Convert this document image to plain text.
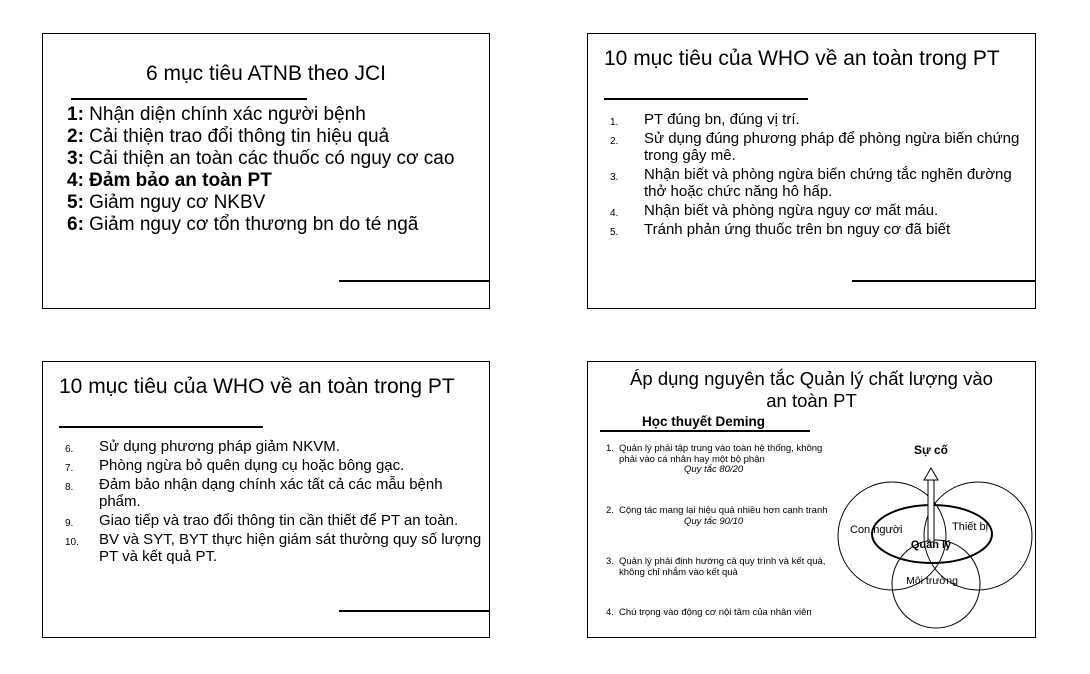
6 mục tiêu ATNB theo JCI
1: Nhận diện chính xác người bệnh
2: Cải thiện trao đổi thông tin hiệu quả
3: Cải thiện an toàn các thuốc có nguy cơ cao
4: Đảm bảo an toàn PT
5: Giảm nguy cơ NKBV
6: Giảm nguy cơ tổn thương bn do té ngã
10 mục tiêu của WHO về an toàn trong PT
1. PT đúng bn, đúng vị trí.
2. Sử dụng đúng phương pháp để phòng ngừa biến chứng trong gây mê.
3. Nhận biết và phòng ngừa biến chứng tắc nghẽn đường thở hoặc chức năng hô hấp.
4. Nhận biết và phòng ngừa nguy cơ mất máu.
5. Tránh phản ứng thuốc trên bn nguy cơ đã biết
10 mục tiêu của WHO về an toàn trong PT
6. Sử dụng phương pháp giảm NKVM.
7. Phòng ngừa bỏ quên dụng cụ hoặc bông gạc.
8. Đảm bảo nhận dạng chính xác tất cả các mẫu bệnh phẩm.
9. Giao tiếp và trao đổi thông tin cần thiết để PT an toàn.
10. BV và SYT, BYT thực hiện giám sát thường quy số lượng PT và kết quả PT.
Áp dụng nguyên tắc Quản lý chất lượng vào an toàn PT
Học thuyết Deming
1. Quản lý phải tập trung vào toàn hệ thống, không phải vào cá nhân hay một bộ phận
Quy tắc 80/20
2. Cộng tác mang lại hiệu quả nhiều hơn cạnh tranh
Quy tắc 90/10
3. Quản lý phải định hướng cả quy trình và kết quả, không chỉ nhắm vào kết quả
4. Chú trọng vào động cơ nội tâm của nhân viên
Sự cố
Con người	Thiết bị
Quản lý
Môi trường
